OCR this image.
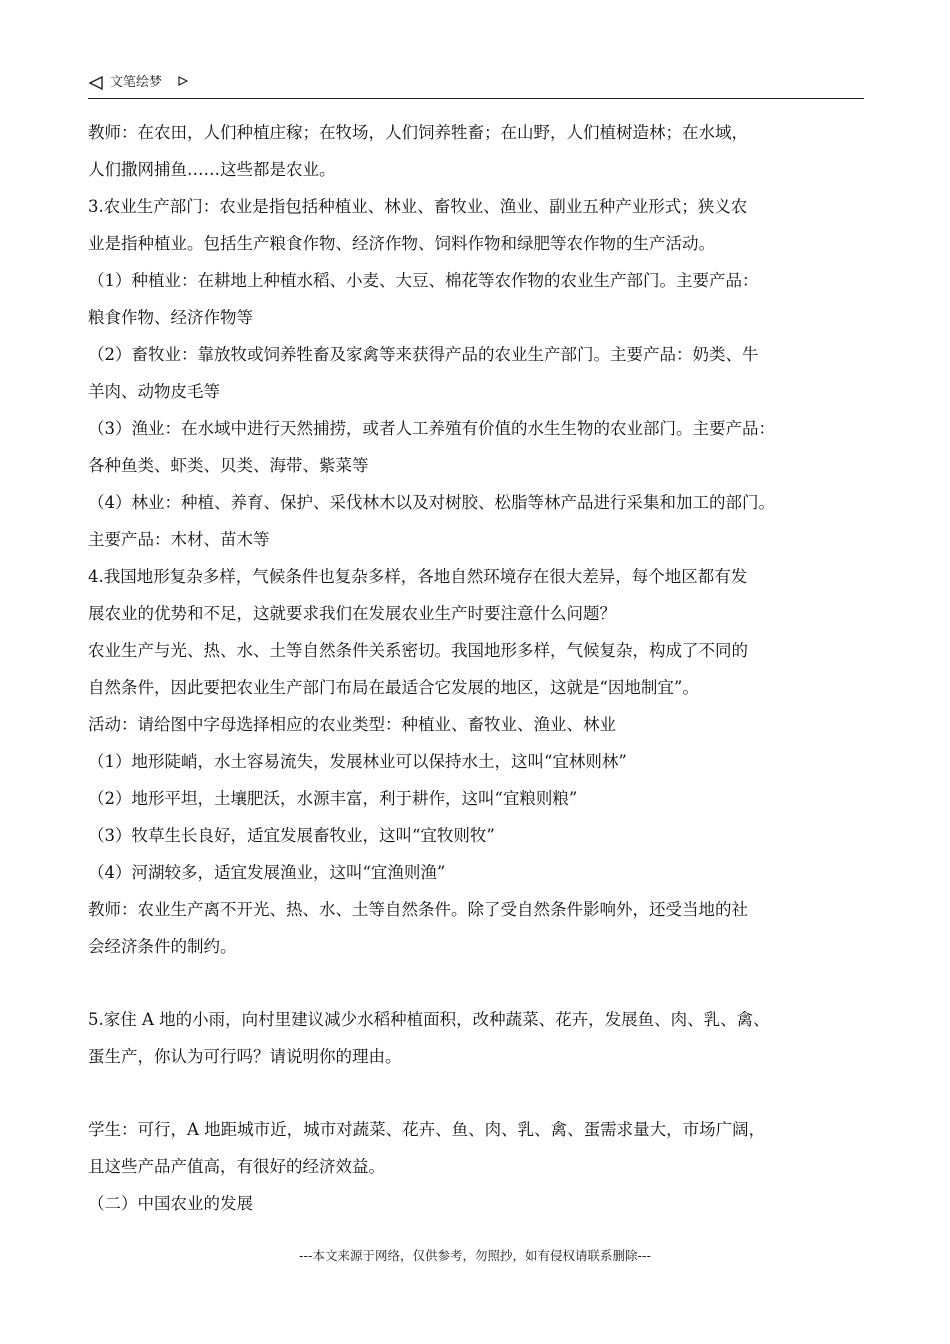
文笔绘梦
教师：在农田，人们种植庄稼；在牧场，人们饲养牲畜；在山野，人们植树造林；在水域，
人们撒网捕鱼……这些都是农业。
3.农业生产部门：农业是指包括种植业、林业、畜牧业、渔业、副业五种产业形式；狭义农
业是指种植业。包括生产粮食作物、经济作物、饲料作物和绿肥等农作物的生产活动。
（1）种植业：在耕地上种植水稻、小麦、大豆、棉花等农作物的农业生产部门。主要产品：
粮食作物、经济作物等
（2）畜牧业：靠放牧或饲养牲畜及家禽等来获得产品的农业生产部门。主要产品：奶类、牛
羊肉、动物皮毛等
（3）渔业：在水域中进行天然捕捞，或者人工养殖有价值的水生生物的农业部门。主要产品：
各种鱼类、虾类、贝类、海带、紫菜等
（4）林业：种植、养育、保护、采伐林木以及对树胶、松脂等林产品进行采集和加工的部门。
主要产品：木材、苗木等
4.我国地形复杂多样，气候条件也复杂多样，各地自然环境存在很大差异，每个地区都有发
展农业的优势和不足，这就要求我们在发展农业生产时要注意什么问题？
农业生产与光、热、水、土等自然条件关系密切。我国地形多样，气候复杂，构成了不同的
自然条件，因此要把农业生产部门布局在最适合它发展的地区，这就是“因地制宜”。
活动：请给图中字母选择相应的农业类型：种植业、畜牧业、渔业、林业
（1）地形陡峭，水土容易流失，发展林业可以保持水土，这叫“宜林则林”
（2）地形平坦，土壤肥沃，水源丰富，利于耕作，这叫“宜粮则粮”
（3）牧草生长良好，适宜发展畜牧业，这叫“宜牧则牧”
（4）河湖较多，适宜发展渔业，这叫“宜渔则渔”
教师：农业生产离不开光、热、水、土等自然条件。除了受自然条件影响外，还受当地的社
会经济条件的制约。
5.家住 A 地的小雨，向村里建议减少水稻种植面积，改种蔬菜、花卉，发展鱼、肉、乳、禽、
蛋生产，你认为可行吗？请说明你的理由。
学生：可行，A 地距城市近，城市对蔬菜、花卉、鱼、肉、乳、禽、蛋需求量大，市场广阔，
且这些产品产值高，有很好的经济效益。
（二）中国农业的发展
---本文来源于网络，仅供参考，勿照抄，如有侵权请联系删除---
